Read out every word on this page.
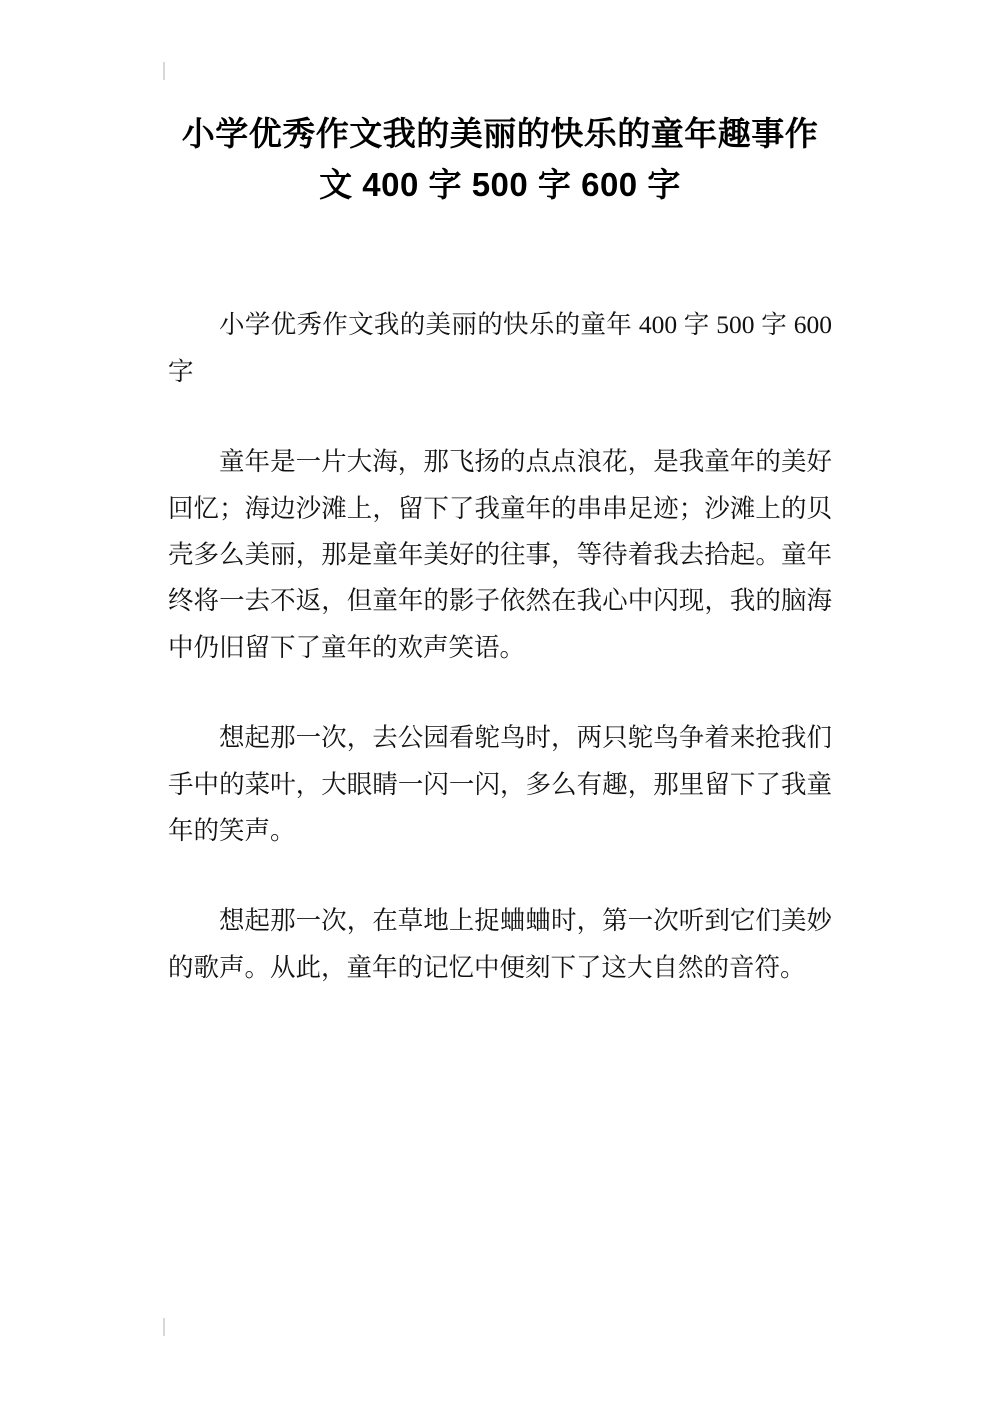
小学优秀作文我的美丽的快乐的童年趣事作文 400 字 500 字 600 字

小学优秀作文我的美丽的快乐的童年 400 字 500 字 600 字

童年是一片大海，那飞扬的点点浪花，是我童年的美好回忆；海边沙滩上，留下了我童年的串串足迹；沙滩上的贝壳多么美丽，那是童年美好的往事，等待着我去拾起。童年终将一去不返，但童年的影子依然在我心中闪现，我的脑海中仍旧留下了童年的欢声笑语。

想起那一次，去公园看鸵鸟时，两只鸵鸟争着来抢我们手中的菜叶，大眼睛一闪一闪，多么有趣，那里留下了我童年的笑声。

想起那一次，在草地上捉蛐蛐时，第一次听到它们美妙的歌声。从此，童年的记忆中便刻下了这大自然的音符。
